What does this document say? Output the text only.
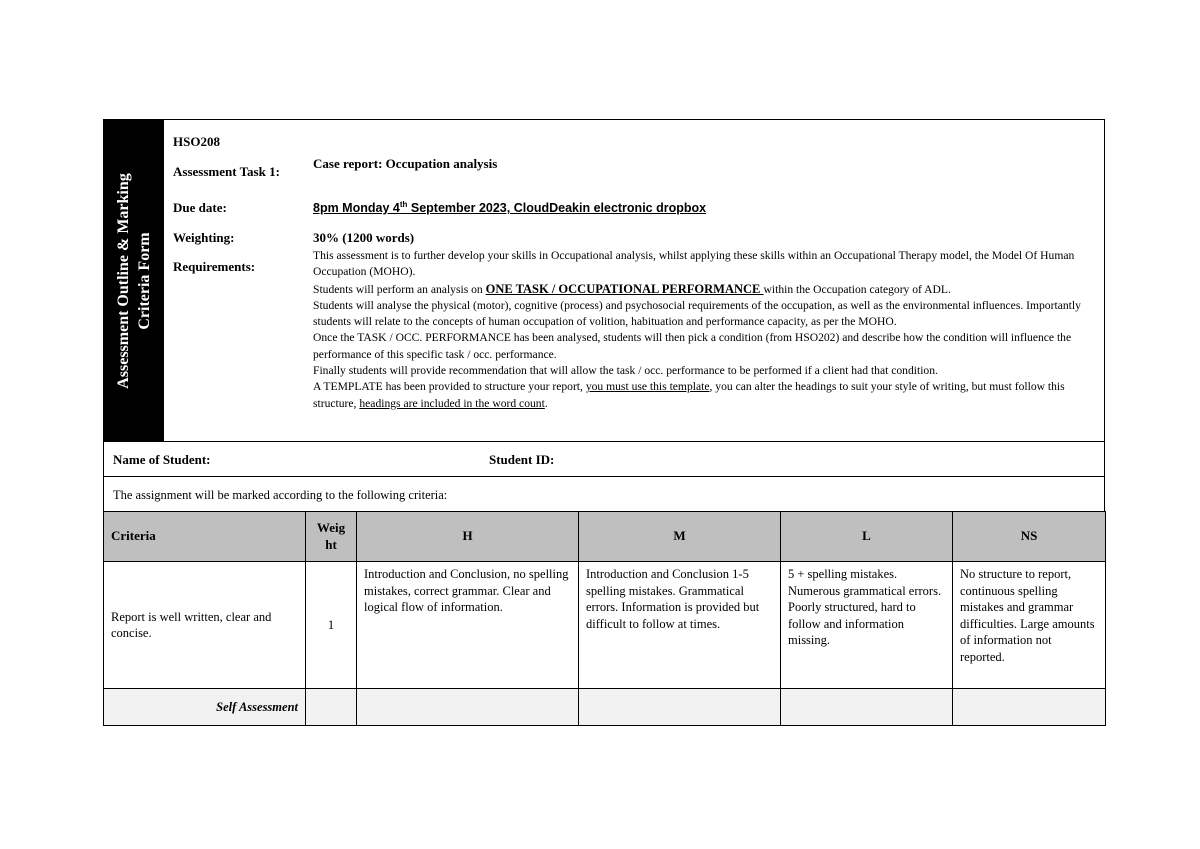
Assessment Outline & Marking Criteria Form
HSO208
Assessment Task 1:
Case report: Occupation analysis
Due date:	8pm Monday 4th September 2023, CloudDeakin electronic dropbox
Weighting:	30% (1200 words)
Requirements:

This assessment is to further develop your skills in Occupational analysis, whilst applying these skills within an Occupational Therapy model, the Model Of Human Occupation (MOHO).

Students will perform an analysis on ONE TASK / OCCUPATIONAL PERFORMANCE within the Occupation category of ADL.

Students will analyse the physical (motor), cognitive (process) and psychosocial requirements of the occupation, as well as the environmental influences. Importantly students will relate to the concepts of human occupation of volition, habituation and performance capacity, as per the MOHO.

Once the TASK / OCC. PERFORMANCE has been analysed, students will then pick a condition (from HSO202) and describe how the condition will influence the performance of this specific task / occ. performance.

Finally students will provide recommendation that will allow the task / occ. performance to be performed if a client had that condition.

A TEMPLATE has been provided to structure your report, you must use this template, you can alter the headings to suit your style of writing, but must follow this structure, headings are included in the word count.

Name of Student:	Student ID:
The assignment will be marked according to the following criteria:
Criteria	Weig ht	H	M	L	NS
Report is well written, clear and concise.	1	Introduction and Conclusion, no spelling mistakes, correct grammar. Clear and logical flow of information.	Introduction and Conclusion 1-5 spelling mistakes. Grammatical errors. Information is provided but difficult to follow at times.	5 + spelling mistakes. Numerous grammatical errors. Poorly structured, hard to follow and information missing.	No structure to report, continuous spelling mistakes and grammar difficulties. Large amounts of information not reported.
Self Assessment					
